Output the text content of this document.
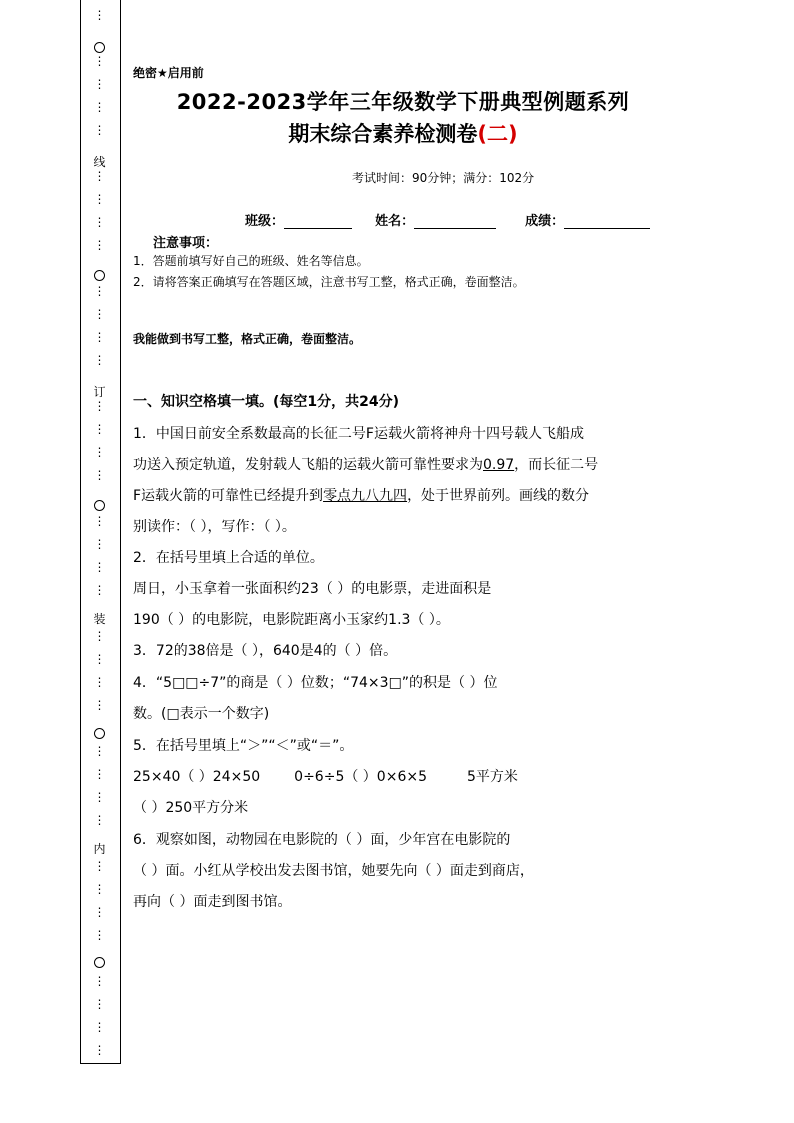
⋮
⋮
⋮
⋮
⋮
⋮
⋮
⋮
⋮
⋮
⋮
⋮
⋮
⋮
⋮
⋮
⋮
⋮
⋮
⋮
⋮
⋮
⋮
⋮
⋮
⋮
⋮
⋮
⋮
⋮
⋮
⋮
⋮
⋮
⋮
⋮
⋮
线
订
装
内
绝密★启用前
2022-2023学年三年级数学下册典型例题系列
期末综合素养检测卷(二)
考试时间：90分钟；满分：102分
班级：	姓名：	成绩：
注意事项：
1．答题前填写好自己的班级、姓名等信息。
2．请将答案正确填写在答题区域，注意书写工整，格式正确，卷面整洁。
我能做到书写工整，格式正确，卷面整洁。
一、知识空格填一填。(每空1分，共24分)
1．中国日前安全系数最高的长征二号F运载火箭将神舟十四号载人飞船成
功送入预定轨道，发射载人飞船的运载火箭可靠性要求为0.97，而长征二号
F运载火箭的可靠性已经提升到零点九八九四，处于世界前列。画线的数分
别读作：（ ），写作：（ ）。
2．在括号里填上合适的单位。
周日，小玉拿着一张面积约23（ ）的电影票，走进面积是
190（ ）的电影院，电影院距离小玉家约1.3（ ）。
3．72的38倍是（ ），640是4的（ ）倍。
4．“5□□÷7”的商是（ ）位数；“74×3□”的积是（ ）位
数。(□表示一个数字)
5．在括号里填上“＞”“＜”或“＝”。
25×40（ ）24×50 0÷6÷5（ ）0×6×5	5平方米
（ ）250平方分米
6．观察如图，动物园在电影院的（ ）面，少年宫在电影院的
（ ）面。小红从学校出发去图书馆，她要先向（ ）面走到商店，
再向（ ）面走到图书馆。
